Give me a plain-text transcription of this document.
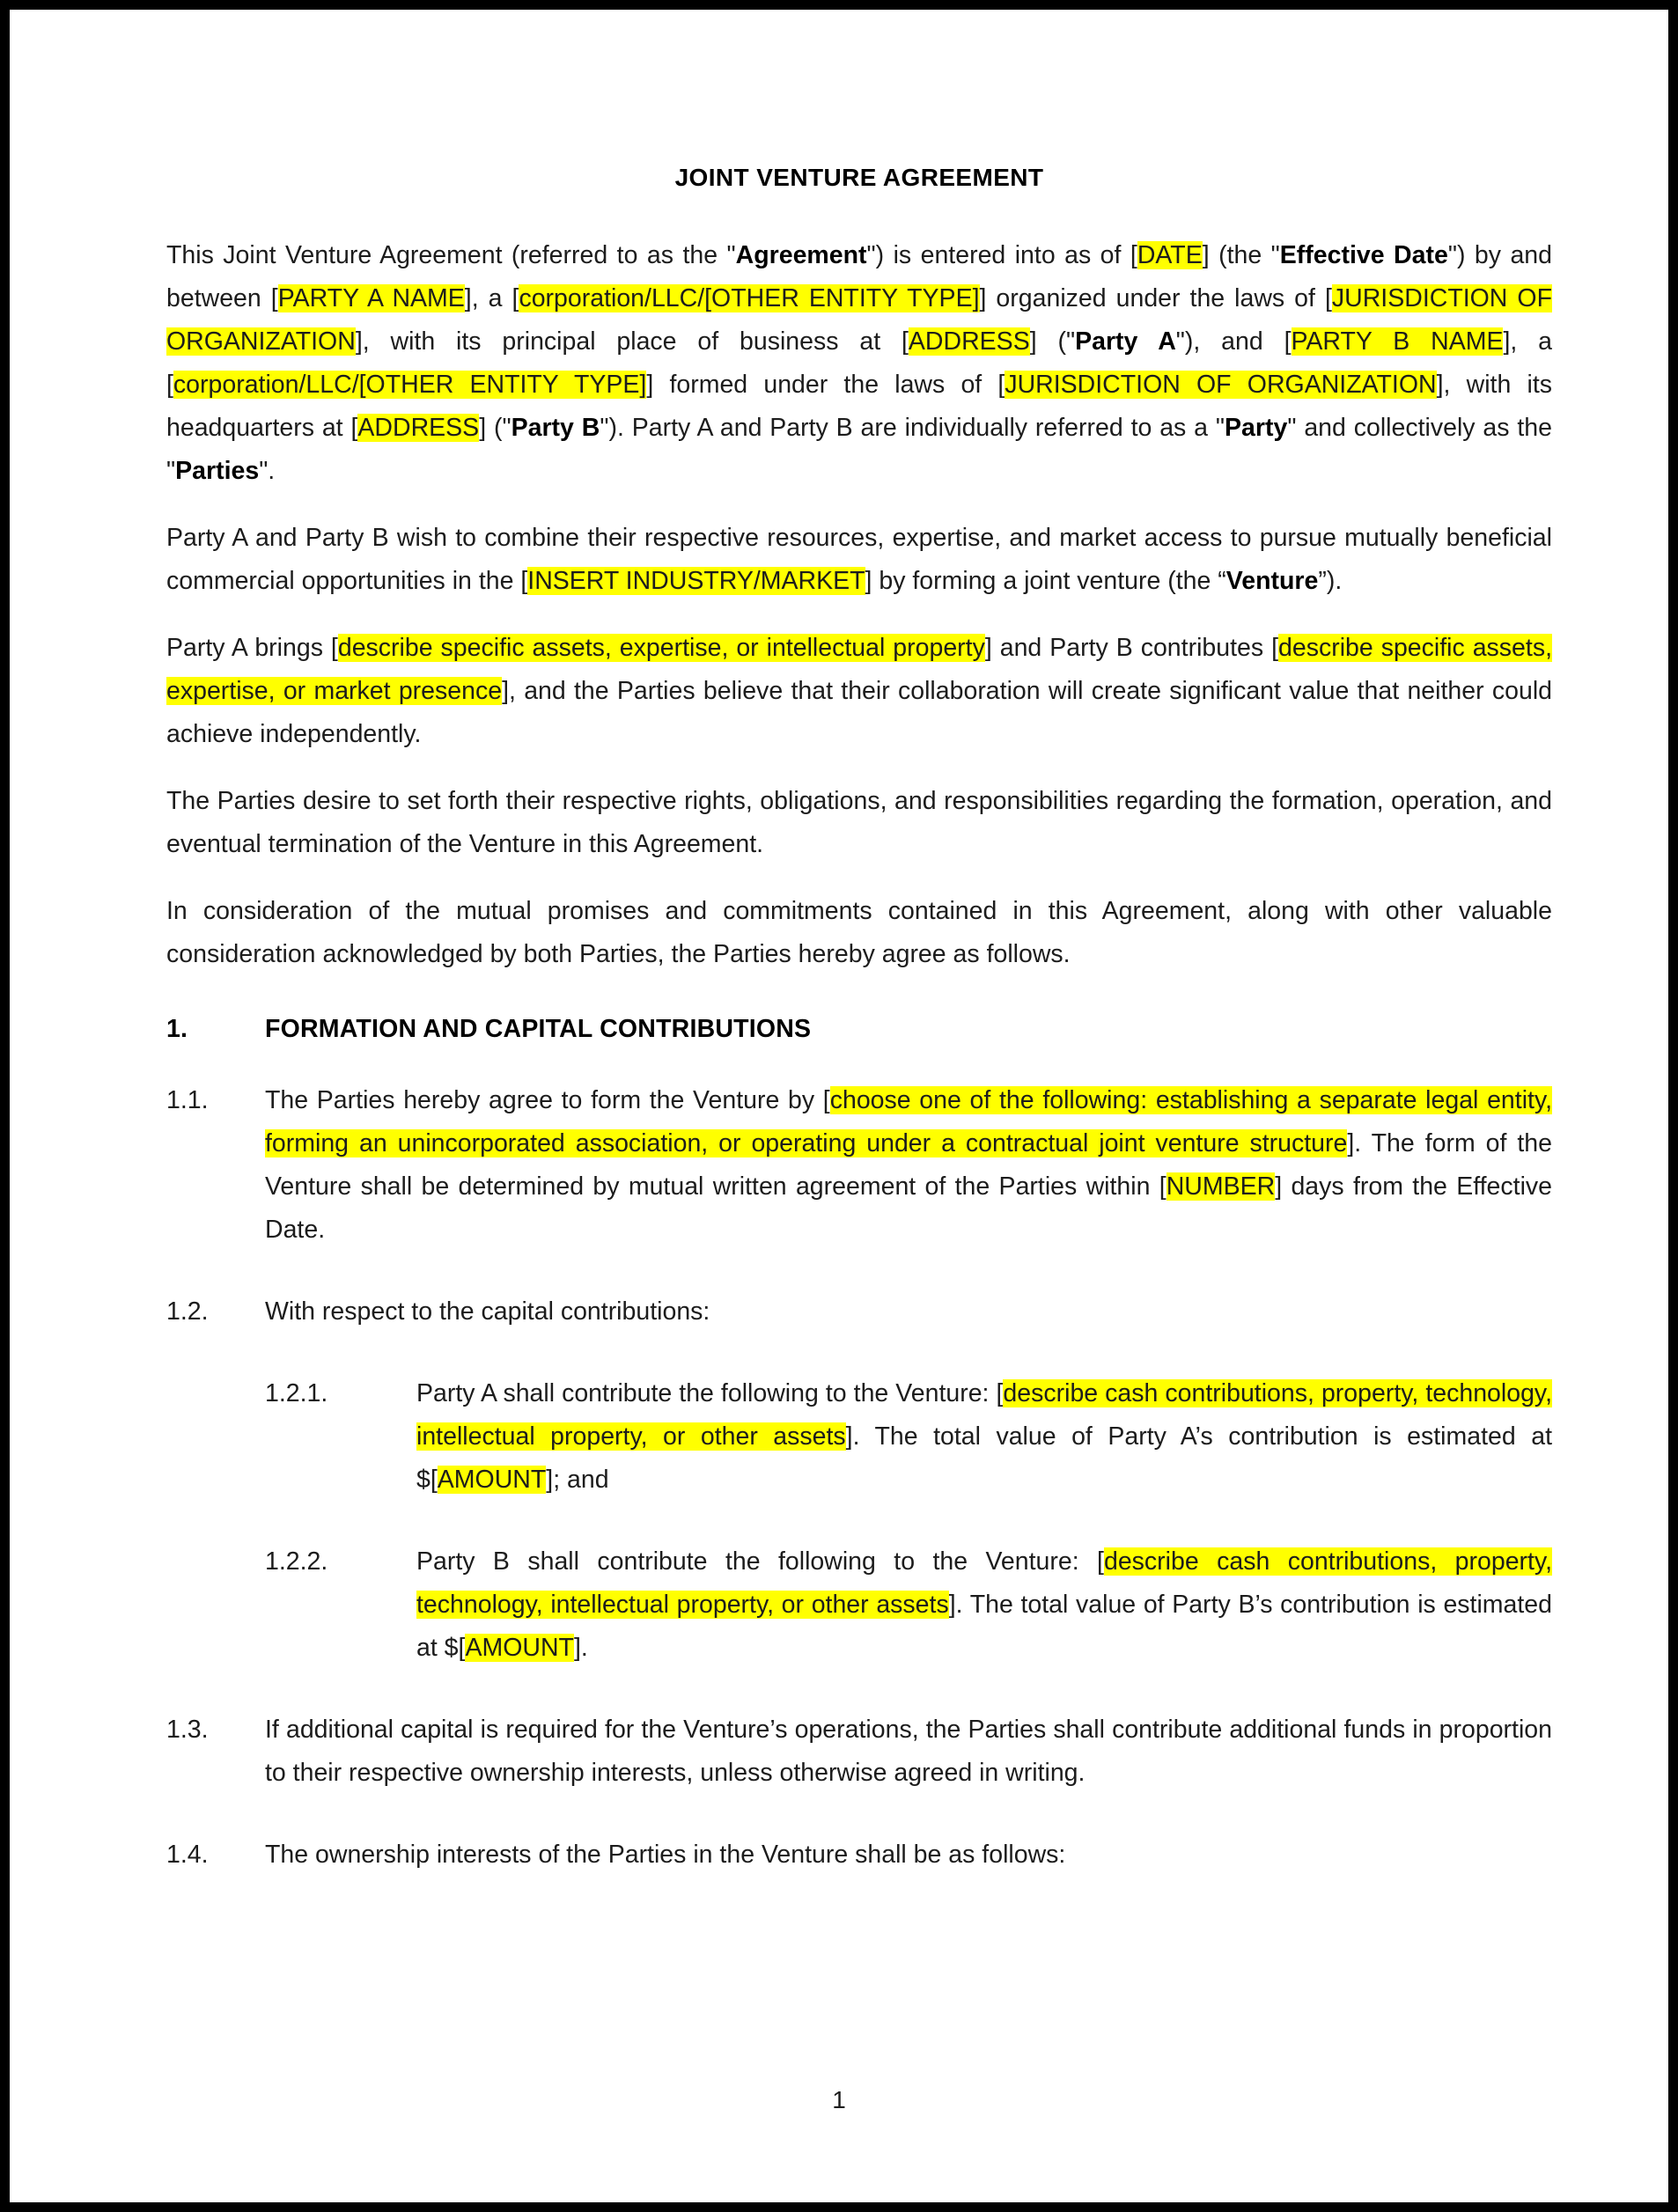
JOINT VENTURE AGREEMENT

This Joint Venture Agreement (referred to as the "Agreement") is entered into as of [DATE] (the "Effective Date") by and between [PARTY A NAME], a [corporation/LLC/[OTHER ENTITY TYPE]] organized under the laws of [JURISDICTION OF ORGANIZATION], with its principal place of business at [ADDRESS] ("Party A"), and [PARTY B NAME], a [corporation/LLC/[OTHER ENTITY TYPE]] formed under the laws of [JURISDICTION OF ORGANIZATION], with its headquarters at [ADDRESS] ("Party B"). Party A and Party B are individually referred to as a "Party" and collectively as the "Parties".

Party A and Party B wish to combine their respective resources, expertise, and market access to pursue mutually beneficial commercial opportunities in the [INSERT INDUSTRY/MARKET] by forming a joint venture (the “Venture”).

Party A brings [describe specific assets, expertise, or intellectual property] and Party B contributes [describe specific assets, expertise, or market presence], and the Parties believe that their collaboration will create significant value that neither could achieve independently.

The Parties desire to set forth their respective rights, obligations, and responsibilities regarding the formation, operation, and eventual termination of the Venture in this Agreement.

In consideration of the mutual promises and commitments contained in this Agreement, along with other valuable consideration acknowledged by both Parties, the Parties hereby agree as follows.

1.	FORMATION AND CAPITAL CONTRIBUTIONS
1.1.	The Parties hereby agree to form the Venture by [choose one of the following: establishing a separate legal entity, forming an unincorporated association, or operating under a contractual joint venture structure]. The form of the Venture shall be determined by mutual written agreement of the Parties within [NUMBER] days from the Effective Date.
1.2.	With respect to the capital contributions:
1.2.1.	Party A shall contribute the following to the Venture: [describe cash contributions, property, technology, intellectual property, or other assets]. The total value of Party A’s contribution is estimated at $[AMOUNT]; and
1.2.2.	Party B shall contribute the following to the Venture: [describe cash contributions, property, technology, intellectual property, or other assets]. The total value of Party B’s contribution is estimated at $[AMOUNT].
1.3.	If additional capital is required for the Venture’s operations, the Parties shall contribute additional funds in proportion to their respective ownership interests, unless otherwise agreed in writing.
1.4.	The ownership interests of the Parties in the Venture shall be as follows:
1
